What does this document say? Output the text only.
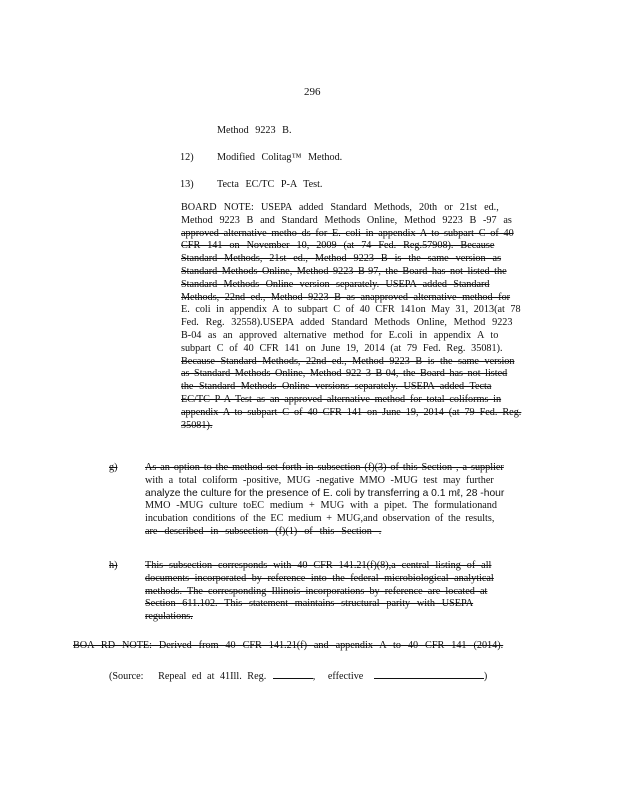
296
Method 9223 B.
12) Modified Colitag™ Method.
13) Tecta EC/TC P-A Test.
BOARD NOTE: USEPA added Standard Methods, 20th or 21st ed.,
Method 9223 B and Standard Methods Online, Method 9223 B -97 as
approved alternative metho ds for E. coli in appendix A to subpart C of 40
CFR 141 on November 10, 2009 (at 74 Fed. Reg.57908). Because
Standard Methods, 21st ed., Method 9223 B is the same version as
Standard Methods Online, Method 9223 B-97, the Board has not listed the
Standard Methods Online version separately. USEPA added Standard
Methods, 22nd ed., Method 9223 B as anapproved alternative method for
E. coli in appendix A to subpart C of 40 CFR 141on May 31, 2013(at 78
Fed. Reg. 32558).USEPA added Standard Methods Online, Method 9223
B-04 as an approved alternative method for E.coli in appendix A to
subpart C of 40 CFR 141 on June 19, 2014 (at 79 Fed. Reg. 35081).
Because Standard Methods, 22nd ed., Method 9223 B is the same version
as Standard Methods Online, Method 922 3 B-04, the Board has not listed
the Standard Methods Online versions separately. USEPA added Tecta
EC/TC P-A Test as an approved alternative method for total coliforms in
appendix A to subpart C of 40 CFR 141 on June 19, 2014 (at 79 Fed. Reg.
35081).
g)	As an option to the method set forth in subsection (f)(3) of this Section , a supplier
with a total coliform -positive, MUG -negative MMO -MUG test may further
analyze the culture for the presence of E. coli by transferring a 0.1 mℓ, 28 -hour
MMO -MUG culture toEC medium + MUG with a pipet. The formulationand
incubation conditions of the EC medium + MUG,and observation of the results,
are described in subsection (f)(1) of this Section .
h)	This subsection corresponds with 40 CFR 141.21(f)(8),a central listing of all
documents incorporated by reference into the federal microbiological analytical
methods. The corresponding Illinois incorporations by reference are located at
Section 611.102. This statement maintains structural parity with USEPA
regulations.
BOA RD NOTE: Derived from 40 CFR 141.21(f) and appendix A to 40 CFR 141 (2014).
(Source: Repeal ed at 41Ill. Reg.	, effective	)
